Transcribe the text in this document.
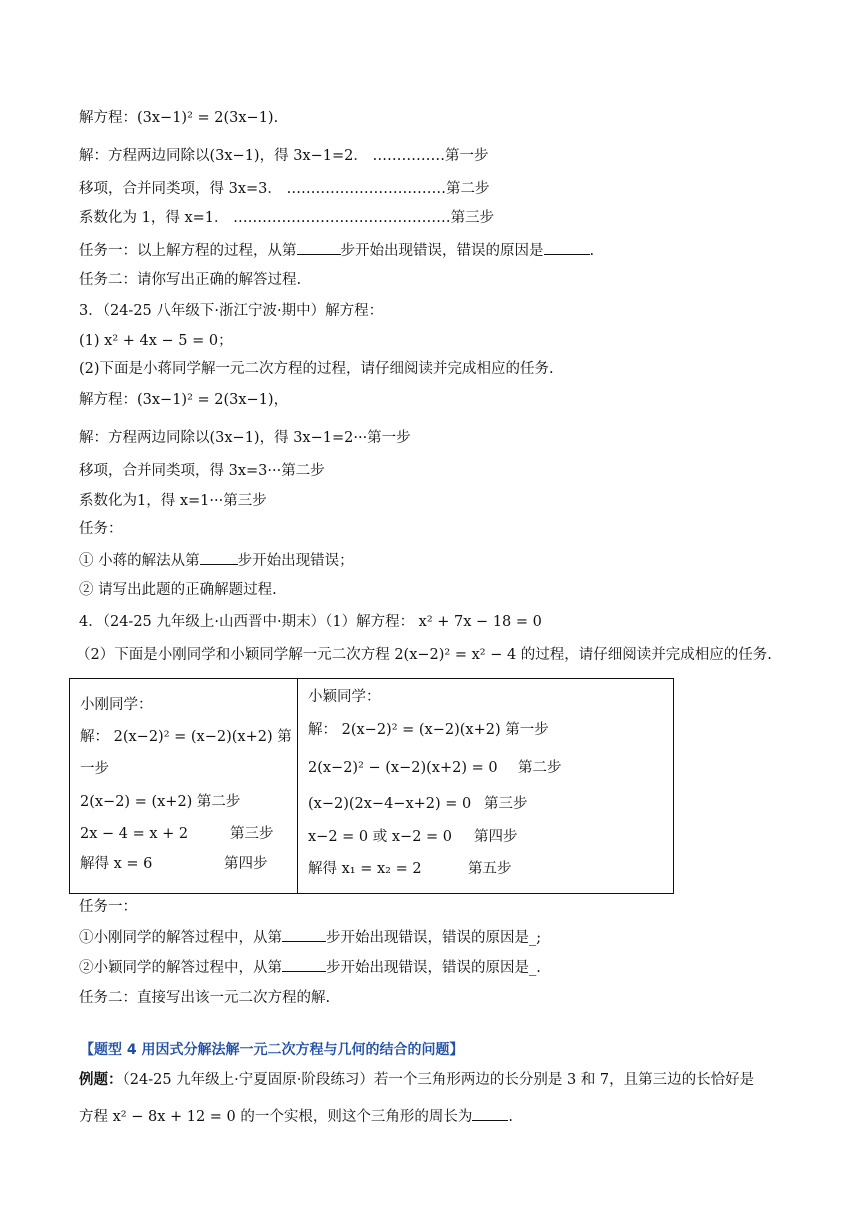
解方程：(3x−1)² = 2(3x−1).
解：方程两边同除以(3x−1)，得 3x−1=2． ……………第一步
移项，合并同类项，得 3x=3． ……………………………第二步
系数化为 1，得 x=1． ………………………………………第三步
任务一：以上解方程的过程，从第	步开始出现错误，错误的原因是	.
任务二：请你写出正确的解答过程.
3．（24-25 八年级下·浙江宁波·期中）解方程：
(1) x² + 4x − 5 = 0；
(2)下面是小蒋同学解一元二次方程的过程，请仔细阅读并完成相应的任务.
解方程：(3x−1)² = 2(3x−1)，
解：方程两边同除以(3x−1)，得 3x−1=2···第一步
移项，合并同类项，得 3x=3···第二步
系数化为1，得 x=1···第三步
任务：
① 小蒋的解法从第	步开始出现错误；
② 请写出此题的正确解题过程.
4．（24-25 九年级上·山西晋中·期末）（1）解方程： x² + 7x − 18 = 0
（2）下面是小刚同学和小颖同学解一元二次方程 2(x−2)² = x² − 4 的过程，请仔细阅读并完成相应的任务.
小刚同学：
解： 2(x−2)² = (x−2)(x+2) 第
一步
2(x−2) = (x+2) 第二步
2x − 4 = x + 2	第三步
解得 x = 6	第四步
小颖同学：
解： 2(x−2)² = (x−2)(x+2) 第一步
2(x−2)² − (x−2)(x+2) = 0 第二步
(x−2)(2x−4−x+2) = 0 第三步
x−2 = 0 或 x−2 = 0 第四步
解得 x₁ = x₂ = 2	第五步
任务一：
①小刚同学的解答过程中，从第	步开始出现错误，错误的原因是_;
②小颖同学的解答过程中，从第	步开始出现错误，错误的原因是_.
任务二：直接写出该一元二次方程的解.
【题型 4 用因式分解法解一元二次方程与几何的结合的问题】
例题：（24-25 九年级上·宁夏固原·阶段练习）若一个三角形两边的长分别是 3 和 7，且第三边的长恰好是
方程 x² − 8x + 12 = 0 的一个实根，则这个三角形的周长为 .
